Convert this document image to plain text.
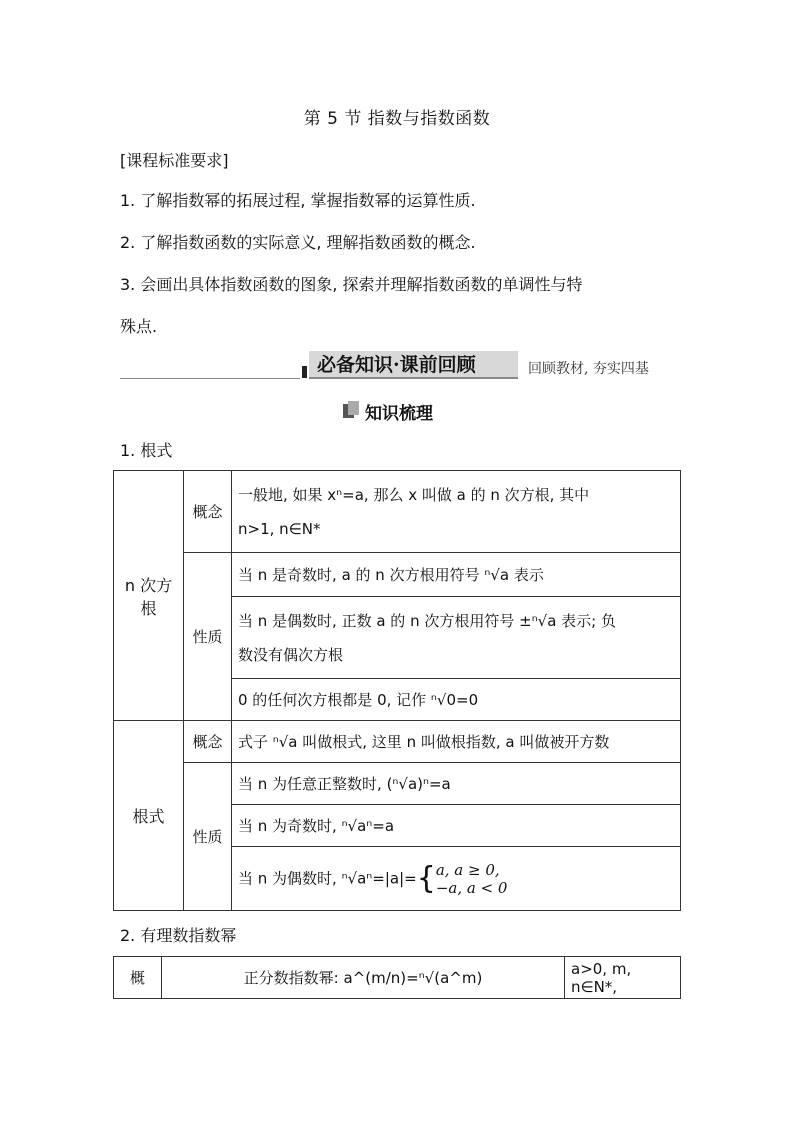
第 5 节 指数与指数函数
[课程标准要求]
1. 了解指数幂的拓展过程, 掌握指数幂的运算性质.
2. 了解指数函数的实际意义, 理解指数函数的概念.
3. 会画出具体指数函数的图象, 探索并理解指数函数的单调性与特
殊点.
必备知识·课前回顾	回顾教材, 夯实四基
知识梳理
1. 根式
n 次方根	概念	一般地, 如果 xⁿ=a, 那么 x 叫做 a 的 n 次方根, 其中
n>1, n∈N*

	性质	当 n 是奇数时, a 的 n 次方根用符号 ⁿ√a 表示

		当 n 是偶数时, 正数 a 的 n 次方根用符号 ±ⁿ√a 表示; 负
数没有偶次方根

		0 的任何次方根都是 0, 记作 ⁿ√0=0
根式	概念	式子 ⁿ√a 叫做根式, 这里 n 叫做根指数, a 叫做被开方数
	性质	当 n 为任意正整数时, (ⁿ√a)ⁿ=a
		当 n 为奇数时, ⁿ√aⁿ=a
		当 n 为偶数时, ⁿ√aⁿ=|a|={ a, a ≥ 0,
−a, a < 0
2. 有理数指数幂
概	正分数指数幂: a^(m/n)=ⁿ√(a^m)	a>0, m, n∈N*,
